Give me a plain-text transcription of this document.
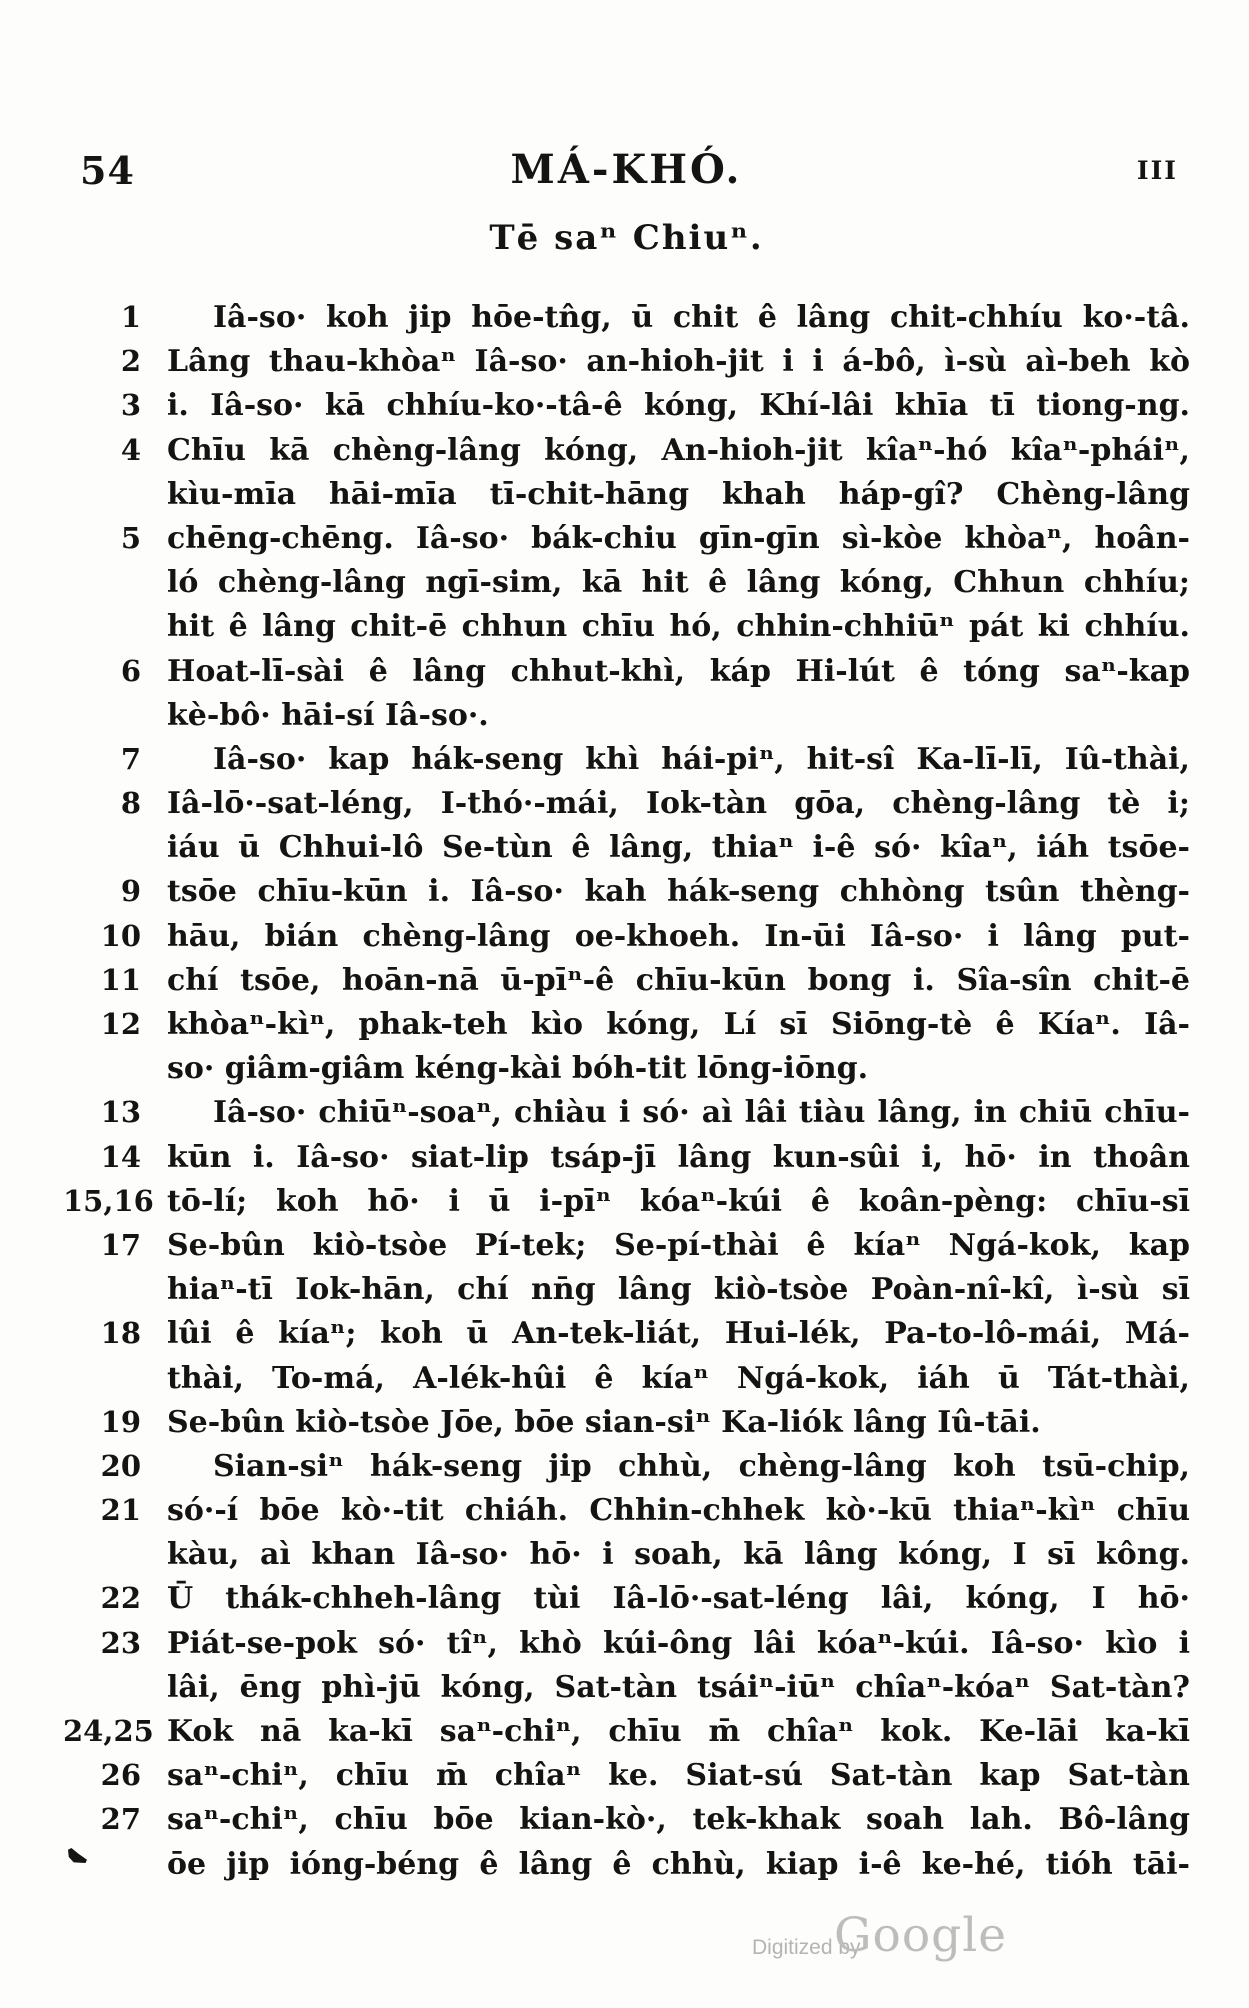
54	MÁ-KHÓ.	III
Tē saⁿ Chiuⁿ.
1	Iâ-so· koh jip hōe-tn̂g, ū chit ê lâng chit-chhíu ko·-tâ.
2 Lâng thau-khòaⁿ Iâ-so· an-hioh-jit i i á-bô, ì-sù aì-beh kò
3 i. Iâ-so· kā chhíu-ko·-tâ-ê kóng, Khí-lâi khīa tī tiong-ng.
4 Chīu kā chèng-lâng kóng, An-hioh-jit kîaⁿ-hó kîaⁿ-pháiⁿ,
kìu-mīa hāi-mīa tī-chit-hāng khah háp-gî? Chèng-lâng
5 chēng-chēng. Iâ-so· bák-chiu gīn-gīn sì-kòe khòaⁿ, hoân-
ló chèng-lâng ngī-sim, kā hit ê lâng kóng, Chhun chhíu;
hit ê lâng chit-ē chhun chīu hó, chhin-chhiūⁿ pát ki chhíu.
6 Hoat-lī-sài ê lâng chhut-khì, káp Hi-lút ê tóng saⁿ-kap
kè-bô· hāi-sí Iâ-so·.
7	Iâ-so· kap hák-seng khì hái-piⁿ, hit-sî Ka-lī-lī, Iû-thài,
8 Iâ-lō·-sat-léng, I-thó·-mái, Iok-tàn gōa, chèng-lâng tè i;
iáu ū Chhui-lô Se-tùn ê lâng, thiaⁿ i-ê só· kîaⁿ, iáh tsōe-
9 tsōe chīu-kūn i. Iâ-so· kah hák-seng chhòng tsûn thèng-
10 hāu, bián chèng-lâng oe-khoeh. In-ūi Iâ-so· i lâng put-
11 chí tsōe, hoān-nā ū-pīⁿ-ê chīu-kūn bong i. Sîa-sîn chit-ē
12 khòaⁿ-kìⁿ, phak-teh kìo kóng, Lí sī Siōng-tè ê Kíaⁿ. Iâ-
so· giâm-giâm kéng-kài bóh-tit lōng-iōng.
13	Iâ-so· chiūⁿ-soaⁿ, chiàu i só· aì lâi tiàu lâng, in chiū chīu-
14 kūn i. Iâ-so· siat-lip tsáp-jī lâng kun-sûi i, hō· in thoân
15,16 tō-lí; koh hō· i ū i-pīⁿ kóaⁿ-kúi ê koân-pèng: chīu-sī
17 Se-bûn kiò-tsòe Pí-tek; Se-pí-thài ê kíaⁿ Ngá-kok, kap
hiaⁿ-tī Iok-hān, chí nn̄g lâng kiò-tsòe Poàn-nî-kî, ì-sù sī
18 lûi ê kíaⁿ; koh ū An-tek-liát, Hui-lék, Pa-to-lô-mái, Má-
thài, To-má, A-lék-hûi ê kíaⁿ Ngá-kok, iáh ū Tát-thài,
19 Se-bûn kiò-tsòe Jōe, bōe sian-siⁿ Ka-liók lâng Iû-tāi.
20	Sian-siⁿ hák-seng jip chhù, chèng-lâng koh tsū-chip,
21 só·-í bōe kò·-tit chiáh. Chhin-chhek kò·-kū thiaⁿ-kìⁿ chīu
kàu, aì khan Iâ-so· hō· i soah, kā lâng kóng, I sī kông.
22 Ū thák-chheh-lâng tùi Iâ-lō·-sat-léng lâi, kóng, I hō·
23 Piát-se-pok só· tîⁿ, khò kúi-ông lâi kóaⁿ-kúi. Iâ-so· kìo i
lâi, ēng phì-jū kóng, Sat-tàn tsáiⁿ-iūⁿ chîaⁿ-kóaⁿ Sat-tàn?
24,25 Kok nā ka-kī saⁿ-chiⁿ, chīu m̄ chîaⁿ kok. Ke-lāi ka-kī
26 saⁿ-chiⁿ, chīu m̄ chîaⁿ ke. Siat-sú Sat-tàn kap Sat-tàn
27 saⁿ-chiⁿ, chīu bōe kian-kò·, tek-khak soah lah. Bô-lâng
ōe jip ióng-béng ê lâng ê chhù, kiap i-ê ke-hé, tióh tāi-
Digitized by
Google
